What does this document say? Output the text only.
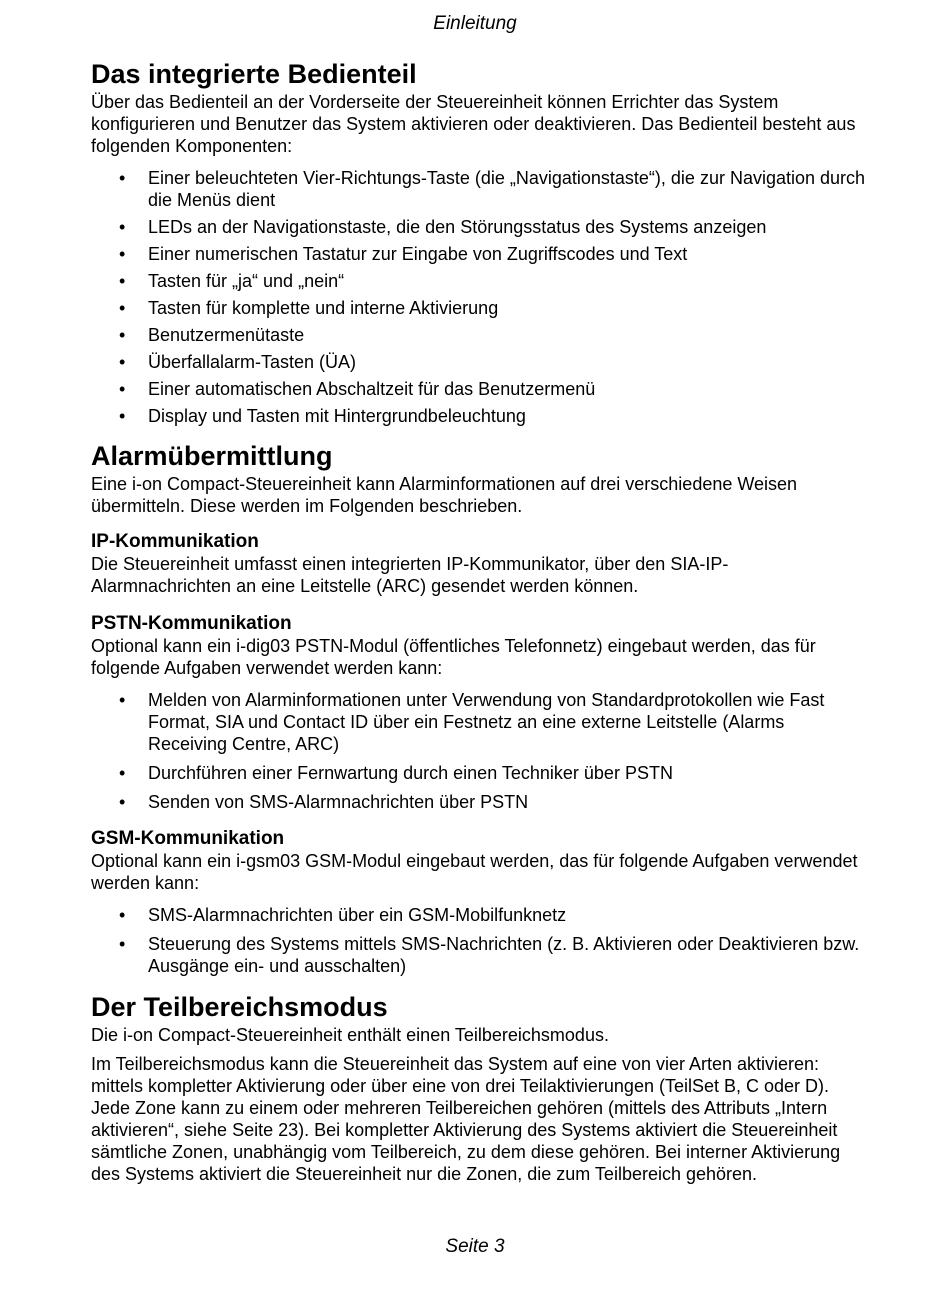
Einleitung
Das integrierte Bedienteil

Über das Bedienteil an der Vorderseite der Steuereinheit können Errichter das System konfigurieren und Benutzer das System aktivieren oder deaktivieren. Das Bedienteil besteht aus folgenden Komponenten:

• Einer beleuchteten Vier-Richtungs-Taste (die „Navigationstaste“), die zur Navigation durch die Menüs dient
• LEDs an der Navigationstaste, die den Störungsstatus des Systems anzeigen
• Einer numerischen Tastatur zur Eingabe von Zugriffscodes und Text
• Tasten für „ja“ und „nein“
• Tasten für komplette und interne Aktivierung
• Benutzermenütaste
• Überfallalarm-Tasten (ÜA)
• Einer automatischen Abschaltzeit für das Benutzermenü
• Display und Tasten mit Hintergrundbeleuchtung
Alarmübermittlung

Eine i-on Compact-Steuereinheit kann Alarminformationen auf drei verschiedene Weisen übermitteln. Diese werden im Folgenden beschrieben.

IP-Kommunikation

Die Steuereinheit umfasst einen integrierten IP-Kommunikator, über den SIA-IP-Alarmnachrichten an eine Leitstelle (ARC) gesendet werden können.

PSTN-Kommunikation

Optional kann ein i-dig03 PSTN-Modul (öffentliches Telefonnetz) eingebaut werden, das für folgende Aufgaben verwendet werden kann:

• Melden von Alarminformationen unter Verwendung von Standardprotokollen wie Fast Format, SIA und Contact ID über ein Festnetz an eine externe Leitstelle (Alarms Receiving Centre, ARC)
• Durchführen einer Fernwartung durch einen Techniker über PSTN
• Senden von SMS-Alarmnachrichten über PSTN
GSM-Kommunikation

Optional kann ein i-gsm03 GSM-Modul eingebaut werden, das für folgende Aufgaben verwendet werden kann:

• SMS-Alarmnachrichten über ein GSM-Mobilfunknetz
• Steuerung des Systems mittels SMS-Nachrichten (z. B. Aktivieren oder Deaktivieren bzw. Ausgänge ein- und ausschalten)
Der Teilbereichsmodus

Die i-on Compact-Steuereinheit enthält einen Teilbereichsmodus.

Im Teilbereichsmodus kann die Steuereinheit das System auf eine von vier Arten aktivieren: mittels kompletter Aktivierung oder über eine von drei Teilaktivierungen (TeilSet B, C oder D). Jede Zone kann zu einem oder mehreren Teilbereichen gehören (mittels des Attributs „Intern aktivieren“, siehe Seite 23). Bei kompletter Aktivierung des Systems aktiviert die Steuereinheit sämtliche Zonen, unabhängig vom Teilbereich, zu dem diese gehören. Bei interner Aktivierung des Systems aktiviert die Steuereinheit nur die Zonen, die zum Teilbereich gehören.

Seite 3
